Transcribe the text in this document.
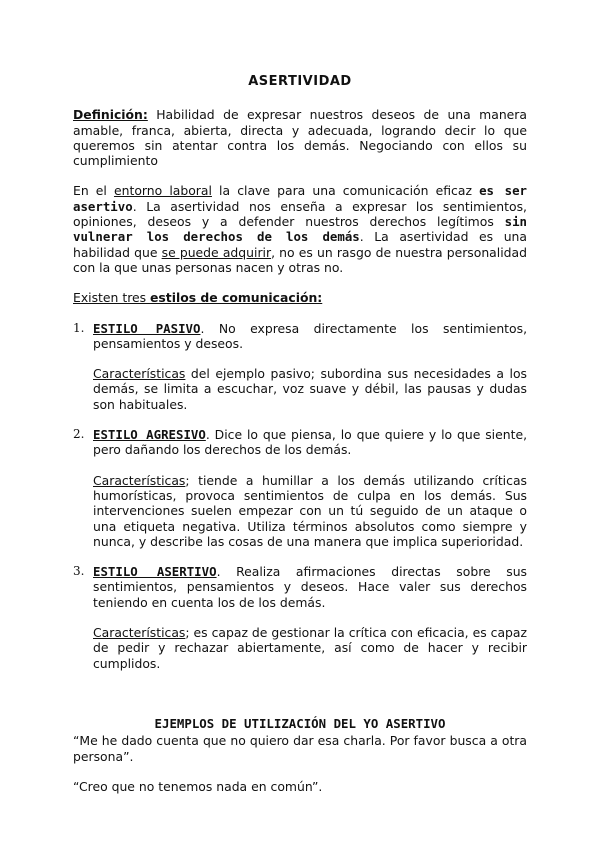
ASERTIVIDAD

Definición: Habilidad de expresar nuestros deseos de una manera amable, franca, abierta, directa y adecuada, logrando decir lo que queremos sin atentar contra los demás. Negociando con ellos su cumplimiento

En el entorno laboral la clave para una comunicación eficaz es ser asertivo. La asertividad nos enseña a expresar los sentimientos, opiniones, deseos y a defender nuestros derechos legítimos sin vulnerar los derechos de los demás. La asertividad es una habilidad que se puede adquirir, no es un rasgo de nuestra personalidad con la que unas personas nacen y otras no.

Existen tres estilos de comunicación:

1. ESTILO PASIVO. No expresa directamente los sentimientos, pensamientos y deseos.
Características del ejemplo pasivo; subordina sus necesidades a los demás, se limita a escuchar, voz suave y débil, las pausas y dudas son habituales.
2. ESTILO AGRESIVO. Dice lo que piensa, lo que quiere y lo que siente, pero dañando los derechos de los demás.
Características; tiende a humillar a los demás utilizando críticas humorísticas, provoca sentimientos de culpa en los demás. Sus intervenciones suelen empezar con un tú seguido de un ataque o una etiqueta negativa. Utiliza términos absolutos como siempre y nunca, y describe las cosas de una manera que implica superioridad.
3. ESTILO ASERTIVO. Realiza afirmaciones directas sobre sus sentimientos, pensamientos y deseos. Hace valer sus derechos teniendo en cuenta los de los demás.
Características; es capaz de gestionar la crítica con eficacia, es capaz de pedir y rechazar abiertamente, así como de hacer y recibir cumplidos.
EJEMPLOS DE UTILIZACIÓN DEL YO ASERTIVO

“Me he dado cuenta que no quiero dar esa charla. Por favor busca a otra persona”.

“Creo que no tenemos nada en común”.
